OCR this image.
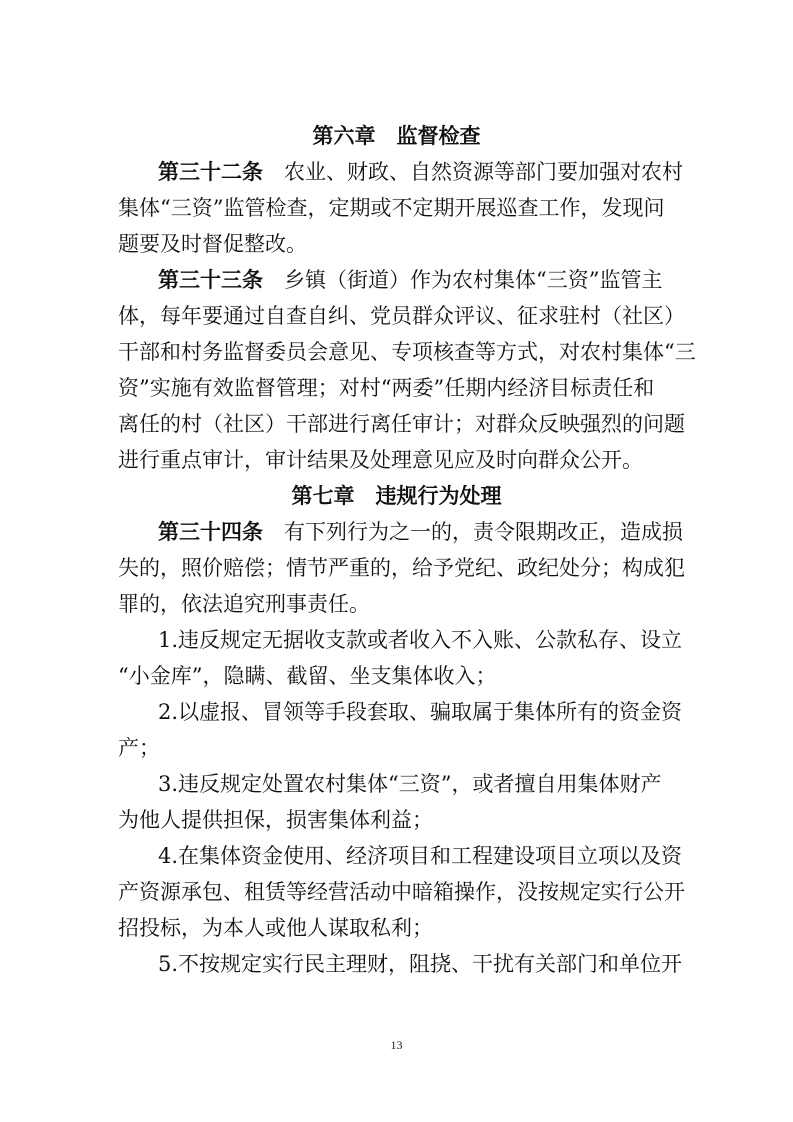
第六章　监督检查
第三十二条　农业、财政、自然资源等部门要加强对农村
集体“三资”监管检查，定期或不定期开展巡查工作，发现问
题要及时督促整改。
第三十三条　乡镇（街道）作为农村集体“三资”监管主
体，每年要通过自查自纠、党员群众评议、征求驻村（社区）
干部和村务监督委员会意见、专项核查等方式，对农村集体“三
资”实施有效监督管理；对村“两委”任期内经济目标责任和
离任的村（社区）干部进行离任审计；对群众反映强烈的问题
进行重点审计，审计结果及处理意见应及时向群众公开。
第七章　违规行为处理
第三十四条　有下列行为之一的，责令限期改正，造成损
失的，照价赔偿；情节严重的，给予党纪、政纪处分；构成犯
罪的，依法追究刑事责任。
1.违反规定无据收支款或者收入不入账、公款私存、设立
“小金库”，隐瞒、截留、坐支集体收入；
2.以虚报、冒领等手段套取、骗取属于集体所有的资金资
产；
3.违反规定处置农村集体“三资”，或者擅自用集体财产
为他人提供担保，损害集体利益；
4.在集体资金使用、经济项目和工程建设项目立项以及资
产资源承包、租赁等经营活动中暗箱操作，没按规定实行公开
招投标，为本人或他人谋取私利；
5.不按规定实行民主理财，阻挠、干扰有关部门和单位开
13
